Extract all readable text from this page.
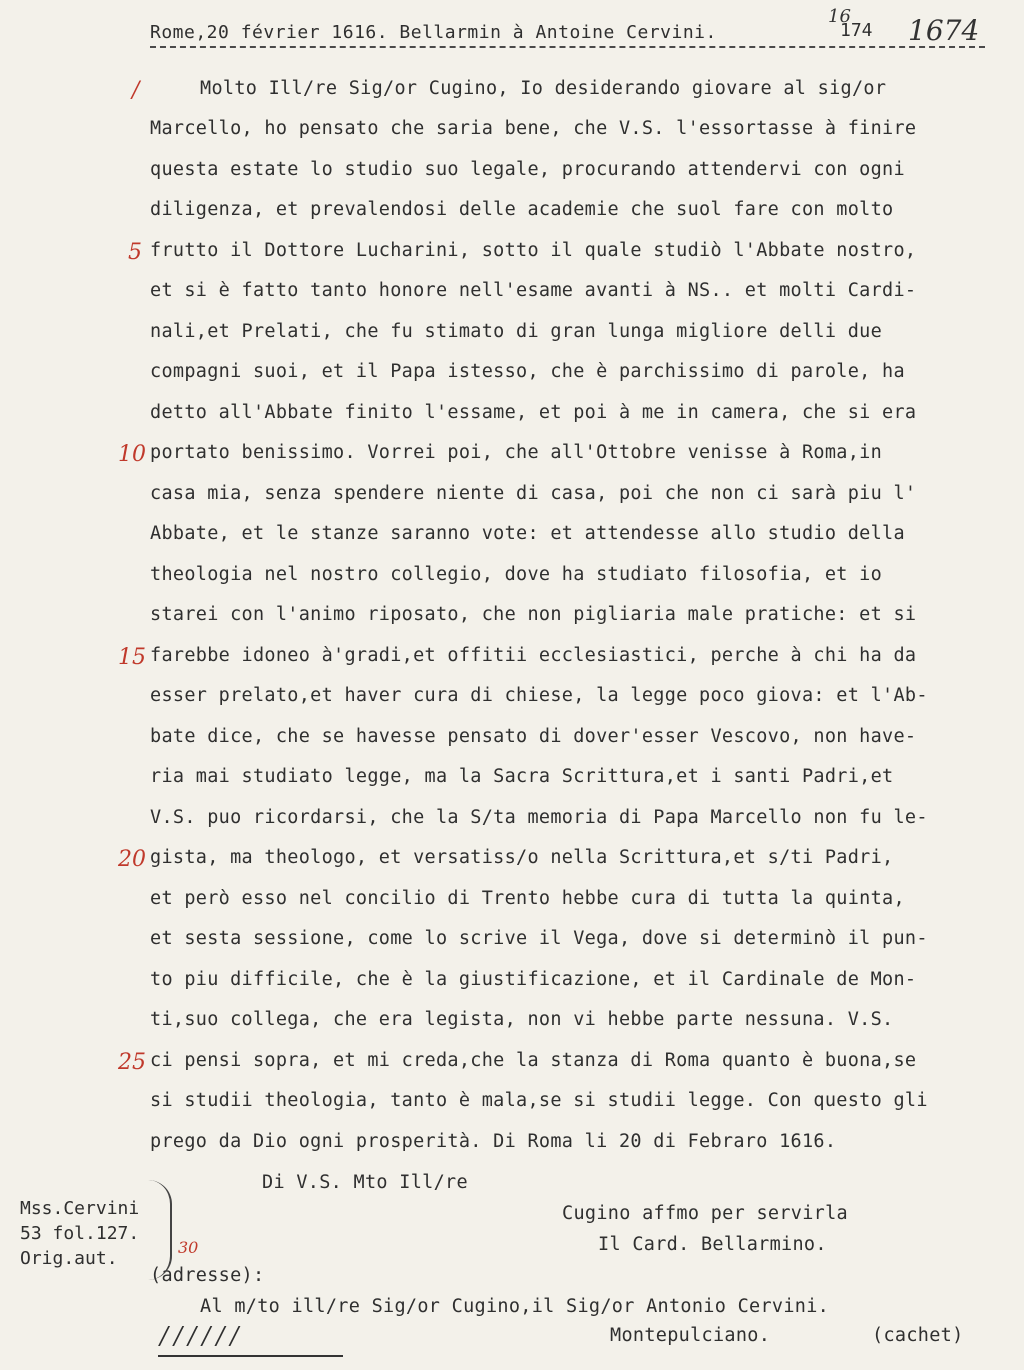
Rome,20 février 1616. Bellarmin à Antoine Cervini.
16
174 1674
/
5
10
15
20
25
30
Molto Ill/re Sig/or Cugino, Io desiderando giovare al sig/or
Marcello, ho pensato che saria bene, che V.S. l'essortasse à finire
questa estate lo studio suo legale, procurando attendervi con ogni
diligenza, et prevalendosi delle academie che suol fare con molto
frutto il Dottore Lucharini, sotto il quale studiò l'Abbate nostro,
et si è fatto tanto honore nell'esame avanti à NS.. et molti Cardi-
nali,et Prelati, che fu stimato di gran lunga migliore delli due
compagni suoi, et il Papa istesso, che è parchissimo di parole, ha
detto all'Abbate finito l'essame, et poi à me in camera, che si era
portato benissimo. Vorrei poi, che all'Ottobre venisse à Roma,in
casa mia, senza spendere niente di casa, poi che non ci sarà piu l'
Abbate, et le stanze saranno vote: et attendesse allo studio della
theologia nel nostro collegio, dove ha studiato filosofia, et io
starei con l'animo riposato, che non pigliaria male pratiche: et si
farebbe idoneo à'gradi,et offitii ecclesiastici, perche à chi ha da
esser prelato,et haver cura di chiese, la legge poco giova: et l'Ab-
bate dice, che se havesse pensato di dover'esser Vescovo, non have-
ria mai studiato legge, ma la Sacra Scrittura,et i santi Padri,et
V.S. puo ricordarsi, che la S/ta memoria di Papa Marcello non fu le-
gista, ma theologo, et versatiss/o nella Scrittura,et s/ti Padri,
et però esso nel concilio di Trento hebbe cura di tutta la quinta,
et sesta sessione, come lo scrive il Vega, dove si determinò il pun-
to piu difficile, che è la giustificazione, et il Cardinale de Mon-
ti,suo collega, che era legista, non vi hebbe parte nessuna. V.S.
ci pensi sopra, et mi creda,che la stanza di Roma quanto è buona,se
si studii theologia, tanto è mala,se si studii legge. Con questo gli
prego da Dio ogni prosperità. Di Roma li 20 di Febraro 1616.
Di V.S. Mto Ill/re
Cugino affmo per servirla
Il Card. Bellarmino.
(adresse):
Al m/to ill/re Sig/or Cugino,il Sig/or Antonio Cervini.
Montepulciano.	(cachet)
Mss.Cervini
53 fol.127.
Orig.aut.
//////
